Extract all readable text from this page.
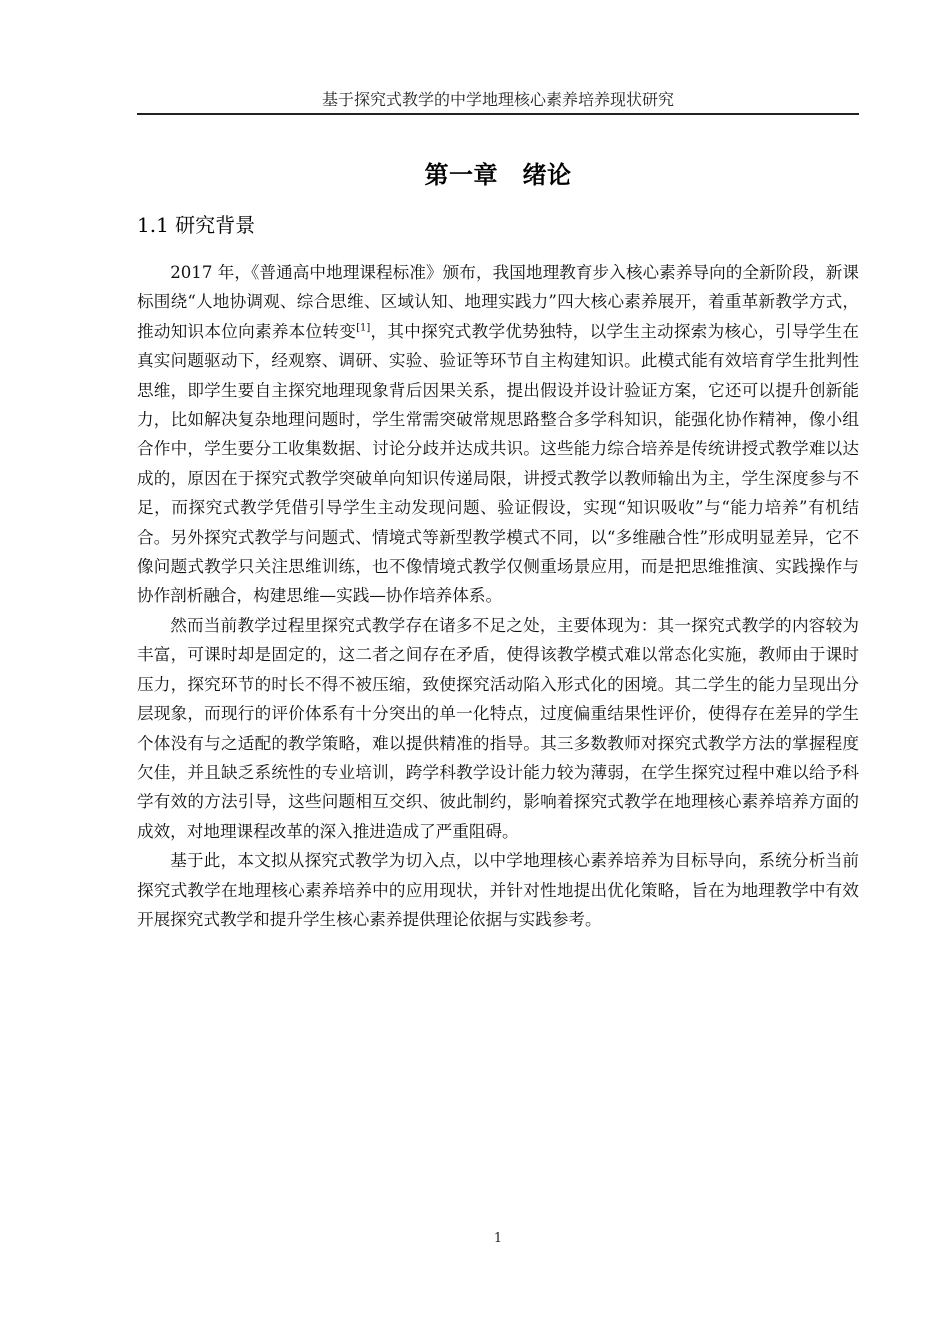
基于探究式教学的中学地理核心素养培养现状研究
第一章　绪论
1.1 研究背景

2017 年，《普通高中地理课程标准》颁布，我国地理教育步入核心素养导向的全新阶段，新课标围绕“人地协调观、综合思维、区域认知、地理实践力”四大核心素养展开，着重革新教学方式，推动知识本位向素养本位转变[1]，其中探究式教学优势独特，以学生主动探索为核心，引导学生在真实问题驱动下，经观察、调研、实验、验证等环节自主构建知识。此模式能有效培育学生批判性思维，即学生要自主探究地理现象背后因果关系，提出假设并设计验证方案，它还可以提升创新能力，比如解决复杂地理问题时，学生常需突破常规思路整合多学科知识，能强化协作精神，像小组合作中，学生要分工收集数据、讨论分歧并达成共识。这些能力综合培养是传统讲授式教学难以达成的，原因在于探究式教学突破单向知识传递局限，讲授式教学以教师输出为主，学生深度参与不足，而探究式教学凭借引导学生主动发现问题、验证假设，实现“知识吸收”与“能力培养”有机结合。另外探究式教学与问题式、情境式等新型教学模式不同，以“多维融合性”形成明显差异，它不像问题式教学只关注思维训练，也不像情境式教学仅侧重场景应用，而是把思维推演、实践操作与协作剖析融合，构建思维—实践—协作培养体系。

然而当前教学过程里探究式教学存在诸多不足之处，主要体现为：其一探究式教学的内容较为丰富，可课时却是固定的，这二者之间存在矛盾，使得该教学模式难以常态化实施，教师由于课时压力，探究环节的时长不得不被压缩，致使探究活动陷入形式化的困境。其二学生的能力呈现出分层现象，而现行的评价体系有十分突出的单一化特点，过度偏重结果性评价，使得存在差异的学生个体没有与之适配的教学策略，难以提供精准的指导。其三多数教师对探究式教学方法的掌握程度欠佳，并且缺乏系统性的专业培训，跨学科教学设计能力较为薄弱，在学生探究过程中难以给予科学有效的方法引导，这些问题相互交织、彼此制约，影响着探究式教学在地理核心素养培养方面的成效，对地理课程改革的深入推进造成了严重阻碍。

基于此，本文拟从探究式教学为切入点，以中学地理核心素养培养为目标导向，系统分析当前探究式教学在地理核心素养培养中的应用现状，并针对性地提出优化策略，旨在为地理教学中有效开展探究式教学和提升学生核心素养提供理论依据与实践参考。

1
